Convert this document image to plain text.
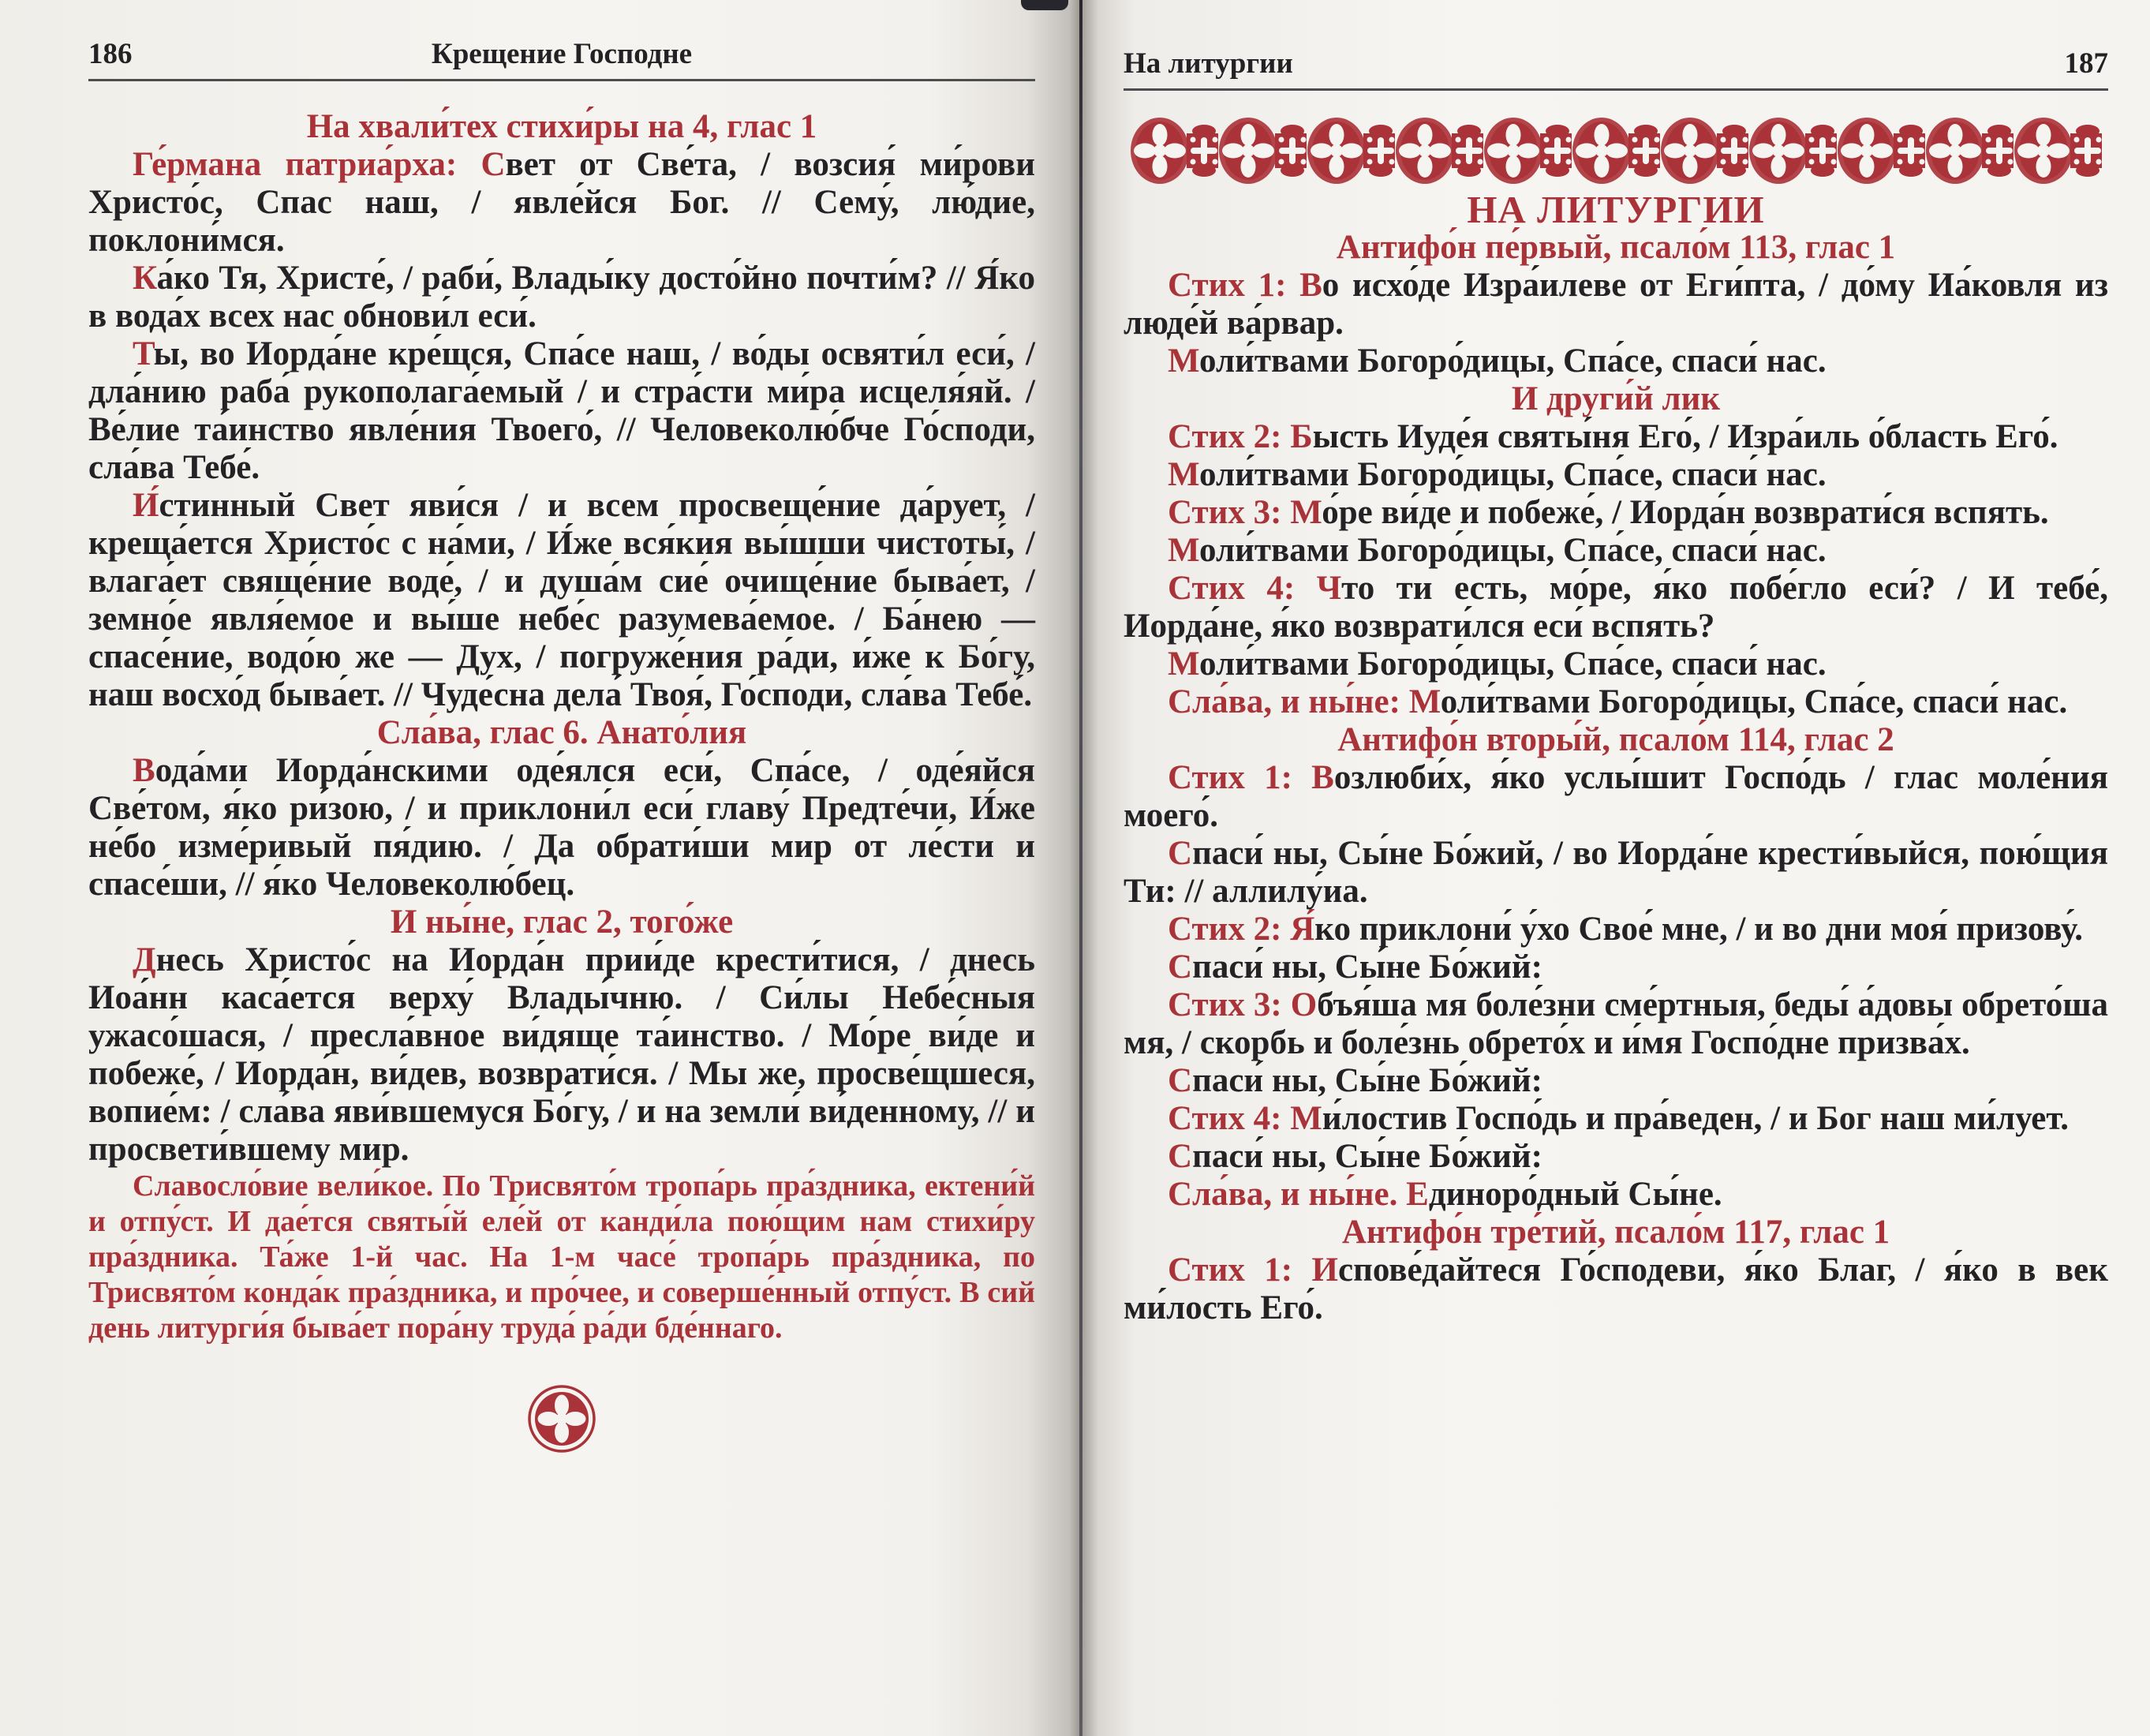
186	Крещение Господне

На хвали́тех стихи́ры на 4, глас 1

Ге́рмана патриа́рха: Свет от Све́та, / возсия́ ми́рови Христо́с, Спас наш, / явле́йся Бог. // Сему́, лю́дие, поклони́мся.

Ка́ко Тя, Христе́, / раби́, Влады́ку досто́йно почти́м? // Я́ко в вода́х всех нас обнови́л еси́.

Ты, во Иорда́не кре́щся, Спа́се наш, / во́ды освяти́л еси́, / дла́нию раба́ рукополага́емый / и стра́сти ми́ра исцеля́яй. / Ве́лие та́инство явле́ния Твоего́, // Человеколю́бче Го́споди, сла́ва Тебе́.

И́стинный Свет яви́ся / и всем просвеще́ние да́рует, / креща́ется Христо́с с на́ми, / И́же вся́кия вы́шши чистоты́, / влага́ет свяще́ние воде́, / и душа́м сие́ очище́ние быва́ет, / земно́е явля́емое и вы́ше небе́с разумева́емое. / Ба́нею — спасе́ние, водо́ю же — Дух, / погруже́ния ра́ди, и́же к Бо́гу, наш восхо́д быва́ет. // Чуде́сна дела́ Твоя́, Го́споди, сла́ва Тебе́.

Сла́ва, глас 6. Анато́лия

Вода́ми Иорда́нскими оде́ялся еси́, Спа́се, / оде́яйся Све́том, я́ко ри́зою, / и приклони́л еси́ главу́ Предте́чи, И́же не́бо изме́ривый пя́дию. / Да обрати́ши мир от ле́сти и спасе́ши, // я́ко Человеколю́бец.

И ны́не, глас 2, того́же

Днесь Христо́с на Иорда́н прии́де крести́тися, / днесь Иоа́нн каса́ется верху́ Влады́чню. / Си́лы Небе́сныя ужасо́шася, / пресла́вное ви́дяще та́инство. / Мо́ре ви́де и побеже́, / Иорда́н, ви́дев, возврати́ся. / Мы же, просве́щшеся, вопие́м: / сла́ва яви́вшемуся Бо́гу, / и на земли́ ви́денному, // и просвети́вшему мир.

Славосло́вие вели́кое. По Трисвято́м тропа́рь пра́здника, ектени́й и отпу́ст. И дае́тся святы́й еле́й от канди́ла пою́щим нам стихи́ру пра́здника. Та́же 1-й час. На 1-м часе́ тропа́рь пра́здника, по Трисвято́м конда́к пра́здника, и про́чее, и соверше́нный отпу́ст. В сий день литурги́я быва́ет пора́ну труда́ ра́ди бде́ннаго.

На литургии	187

НА ЛИТУРГИИ

Антифо́н пе́рвый, псало́м 113, глас 1

Стих 1: Во исхо́де Изра́илеве от Еги́пта, / до́му Иа́ковля из люде́й ва́рвар.

Моли́твами Богоро́дицы, Спа́се, спаси́ нас.

И други́й лик

Стих 2: Бысть Иуде́я святы́ня Его́, / Изра́иль о́бласть Его́.

Моли́твами Богоро́дицы, Спа́се, спаси́ нас.

Стих 3: Мо́ре ви́де и побеже́, / Иорда́н возврати́ся вспять.

Моли́твами Богоро́дицы, Спа́се, спаси́ нас.

Стих 4: Что ти есть, мо́ре, я́ко побе́гло еси́? / И тебе́, Иорда́не, я́ко возврати́лся еси́ вспять?

Моли́твами Богоро́дицы, Спа́се, спаси́ нас.

Сла́ва, и ны́не: Моли́твами Богоро́дицы, Спа́се, спаси́ нас.

Антифо́н вторы́й, псало́м 114, глас 2

Стих 1: Возлюби́х, я́ко услы́шит Госпо́дь / глас моле́ния моего́.

Спаси́ ны, Сы́не Бо́жий, / во Иорда́не крести́выйся, пою́щия Ти: // аллилу́иа.

Стих 2: Я́ко приклони́ у́хо Свое́ мне, / и во дни моя́ призову́.

Спаси́ ны, Сы́не Бо́жий:

Стих 3: Объя́ша мя боле́зни сме́ртныя, беды́ а́довы обрето́ша мя, / скорбь и боле́знь обрето́х и и́мя Госпо́дне призва́х.

Спаси́ ны, Сы́не Бо́жий:

Стих 4: Ми́лостив Госпо́дь и пра́веден, / и Бог наш ми́лует.

Спаси́ ны, Сы́не Бо́жий:

Сла́ва, и ны́не. Единоро́дный Сы́не.

Антифо́н тре́тий, псало́м 117, глас 1

Стих 1: Испове́дайтеся Го́сподеви, я́ко Благ, / я́ко в век ми́лость Его́.
